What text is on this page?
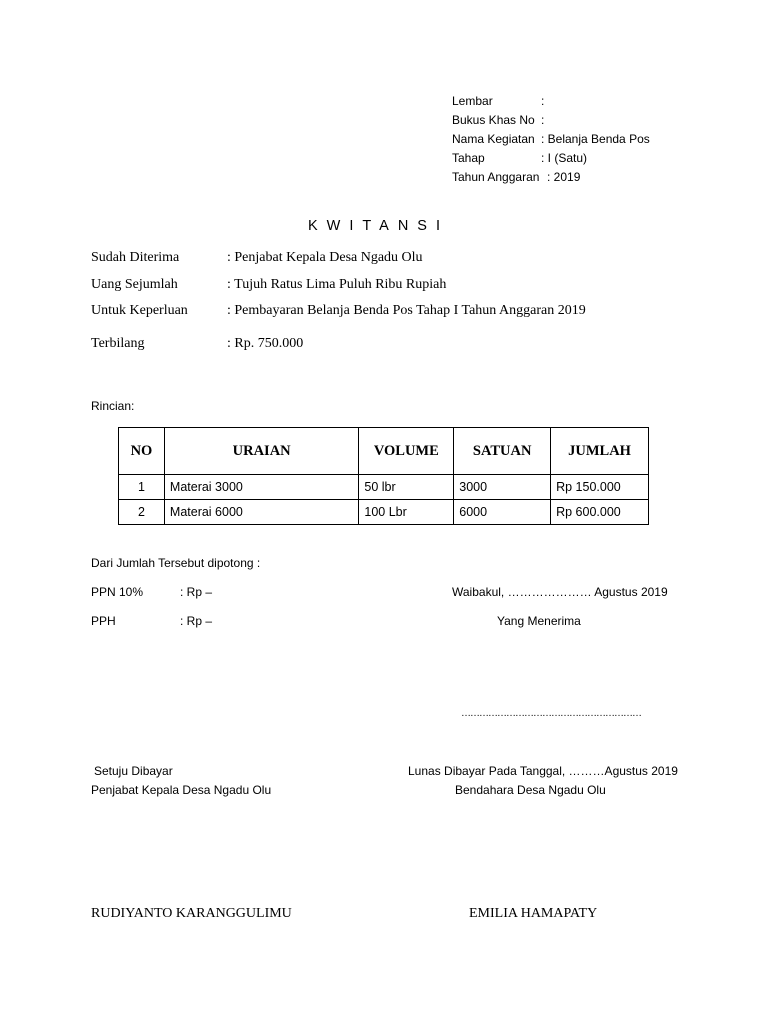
Lembar	:
Bukus Khas No :
Nama Kegiatan : Belanja Benda Pos
Tahap	: I (Satu)
Tahun Anggaran : 2019
KWITANSI
Sudah Diterima	: Penjabat Kepala Desa Ngadu Olu
Uang Sejumlah	: Tujuh Ratus Lima Puluh Ribu Rupiah
Untuk Keperluan	: Pembayaran Belanja Benda Pos Tahap I Tahun Anggaran 2019
Terbilang	: Rp. 750.000
Rincian:
NO	URAIAN	VOLUME	SATUAN	JUMLAH
1	Materai 3000	50 lbr	3000	Rp 150.000
2	Materai 6000	100 Lbr	6000	Rp 600.000
Dari Jumlah Tersebut dipotong :
PPN 10%	: Rp –
PPH	: Rp –
Waibakul, ………………… Agustus 2019
Yang Menerima
……………………………………………………
Setuju Dibayar
Penjabat Kepala Desa Ngadu Olu
Lunas Dibayar Pada Tanggal, ………Agustus 2019
Bendahara Desa Ngadu Olu
RUDIYANTO KARANGGULIMU	EMILIA HAMAPATY
